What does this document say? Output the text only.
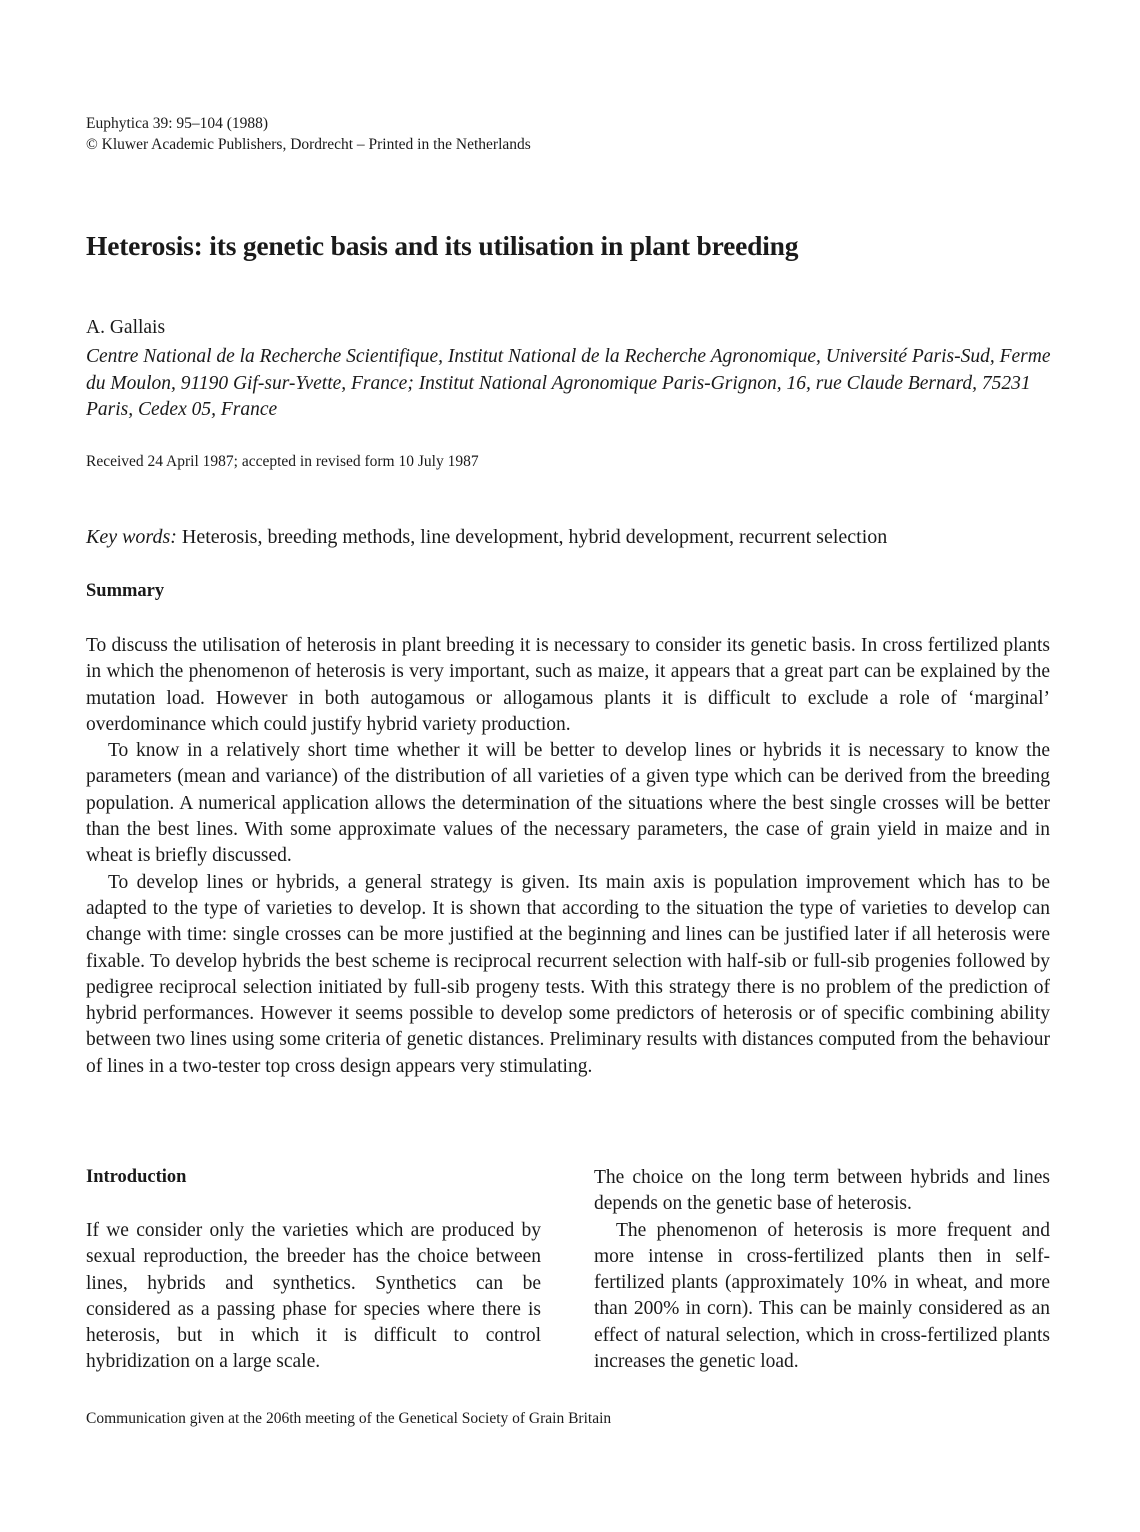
Euphytica 39: 95–104 (1988)
© Kluwer Academic Publishers, Dordrecht – Printed in the Netherlands
Heterosis: its genetic basis and its utilisation in plant breeding
A. Gallais
Centre National de la Recherche Scientifique, Institut National de la Recherche Agronomique, Université Paris-Sud, Ferme du Moulon, 91190 Gif-sur-Yvette, France; Institut National Agronomique Paris-Grignon, 16, rue Claude Bernard, 75231 Paris, Cedex 05, France
Received 24 April 1987; accepted in revised form 10 July 1987
Key words: Heterosis, breeding methods, line development, hybrid development, recurrent selection
Summary

To discuss the utilisation of heterosis in plant breeding it is necessary to consider its genetic basis. In cross fertilized plants in which the phenomenon of heterosis is very important, such as maize, it appears that a great part can be explained by the mutation load. However in both autogamous or allogamous plants it is difficult to exclude a role of ‘marginal’ overdominance which could justify hybrid variety production.

To know in a relatively short time whether it will be better to develop lines or hybrids it is necessary to know the parameters (mean and variance) of the distribution of all varieties of a given type which can be derived from the breeding population. A numerical application allows the determination of the situations where the best single crosses will be better than the best lines. With some approximate values of the necessary parameters, the case of grain yield in maize and in wheat is briefly discussed.

To develop lines or hybrids, a general strategy is given. Its main axis is population improvement which has to be adapted to the type of varieties to develop. It is shown that according to the situation the type of varieties to develop can change with time: single crosses can be more justified at the beginning and lines can be justified later if all heterosis were fixable. To develop hybrids the best scheme is reciprocal recurrent selection with half-sib or full-sib progenies followed by pedigree reciprocal selection initiated by full-sib progeny tests. With this strategy there is no problem of the prediction of hybrid performances. However it seems possible to develop some predictors of heterosis or of specific combining ability between two lines using some criteria of genetic distances. Preliminary results with distances computed from the behaviour of lines in a two-tester top cross design appears very stimulating.

Introduction

If we consider only the varieties which are produced by sexual reproduction, the breeder has the choice between lines, hybrids and synthetics. Synthetics can be considered as a passing phase for species where there is heterosis, but in which it is difficult to control hybridization on a large scale.

The choice on the long term between hybrids and lines depends on the genetic base of heterosis.

The phenomenon of heterosis is more frequent and more intense in cross-fertilized plants then in self-fertilized plants (approximately 10% in wheat, and more than 200% in corn). This can be mainly considered as an effect of natural selection, which in cross-fertilized plants increases the genetic load.

Communication given at the 206th meeting of the Genetical Society of Grain Britain
